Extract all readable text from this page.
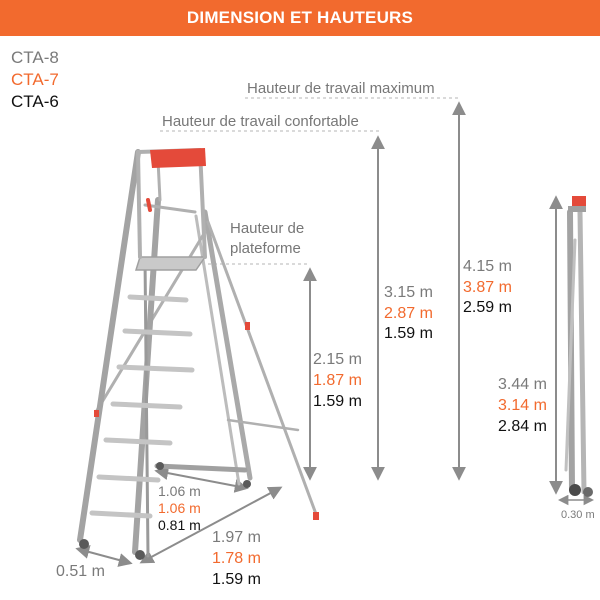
DIMENSION ET HAUTEURS
CTA-8
CTA-7
CTA-6
Hauteur de travail maximum
Hauteur de travail confortable
Hauteur de
plateforme
4.15 m
3.87 m
2.59 m
3.15 m
2.87 m
1.59 m
2.15 m
1.87 m
1.59 m
3.44 m
3.14 m
2.84 m
1.06 m
1.06 m
0.81 m
1.97 m
1.78 m
1.59 m
0.51 m
0.30 m
